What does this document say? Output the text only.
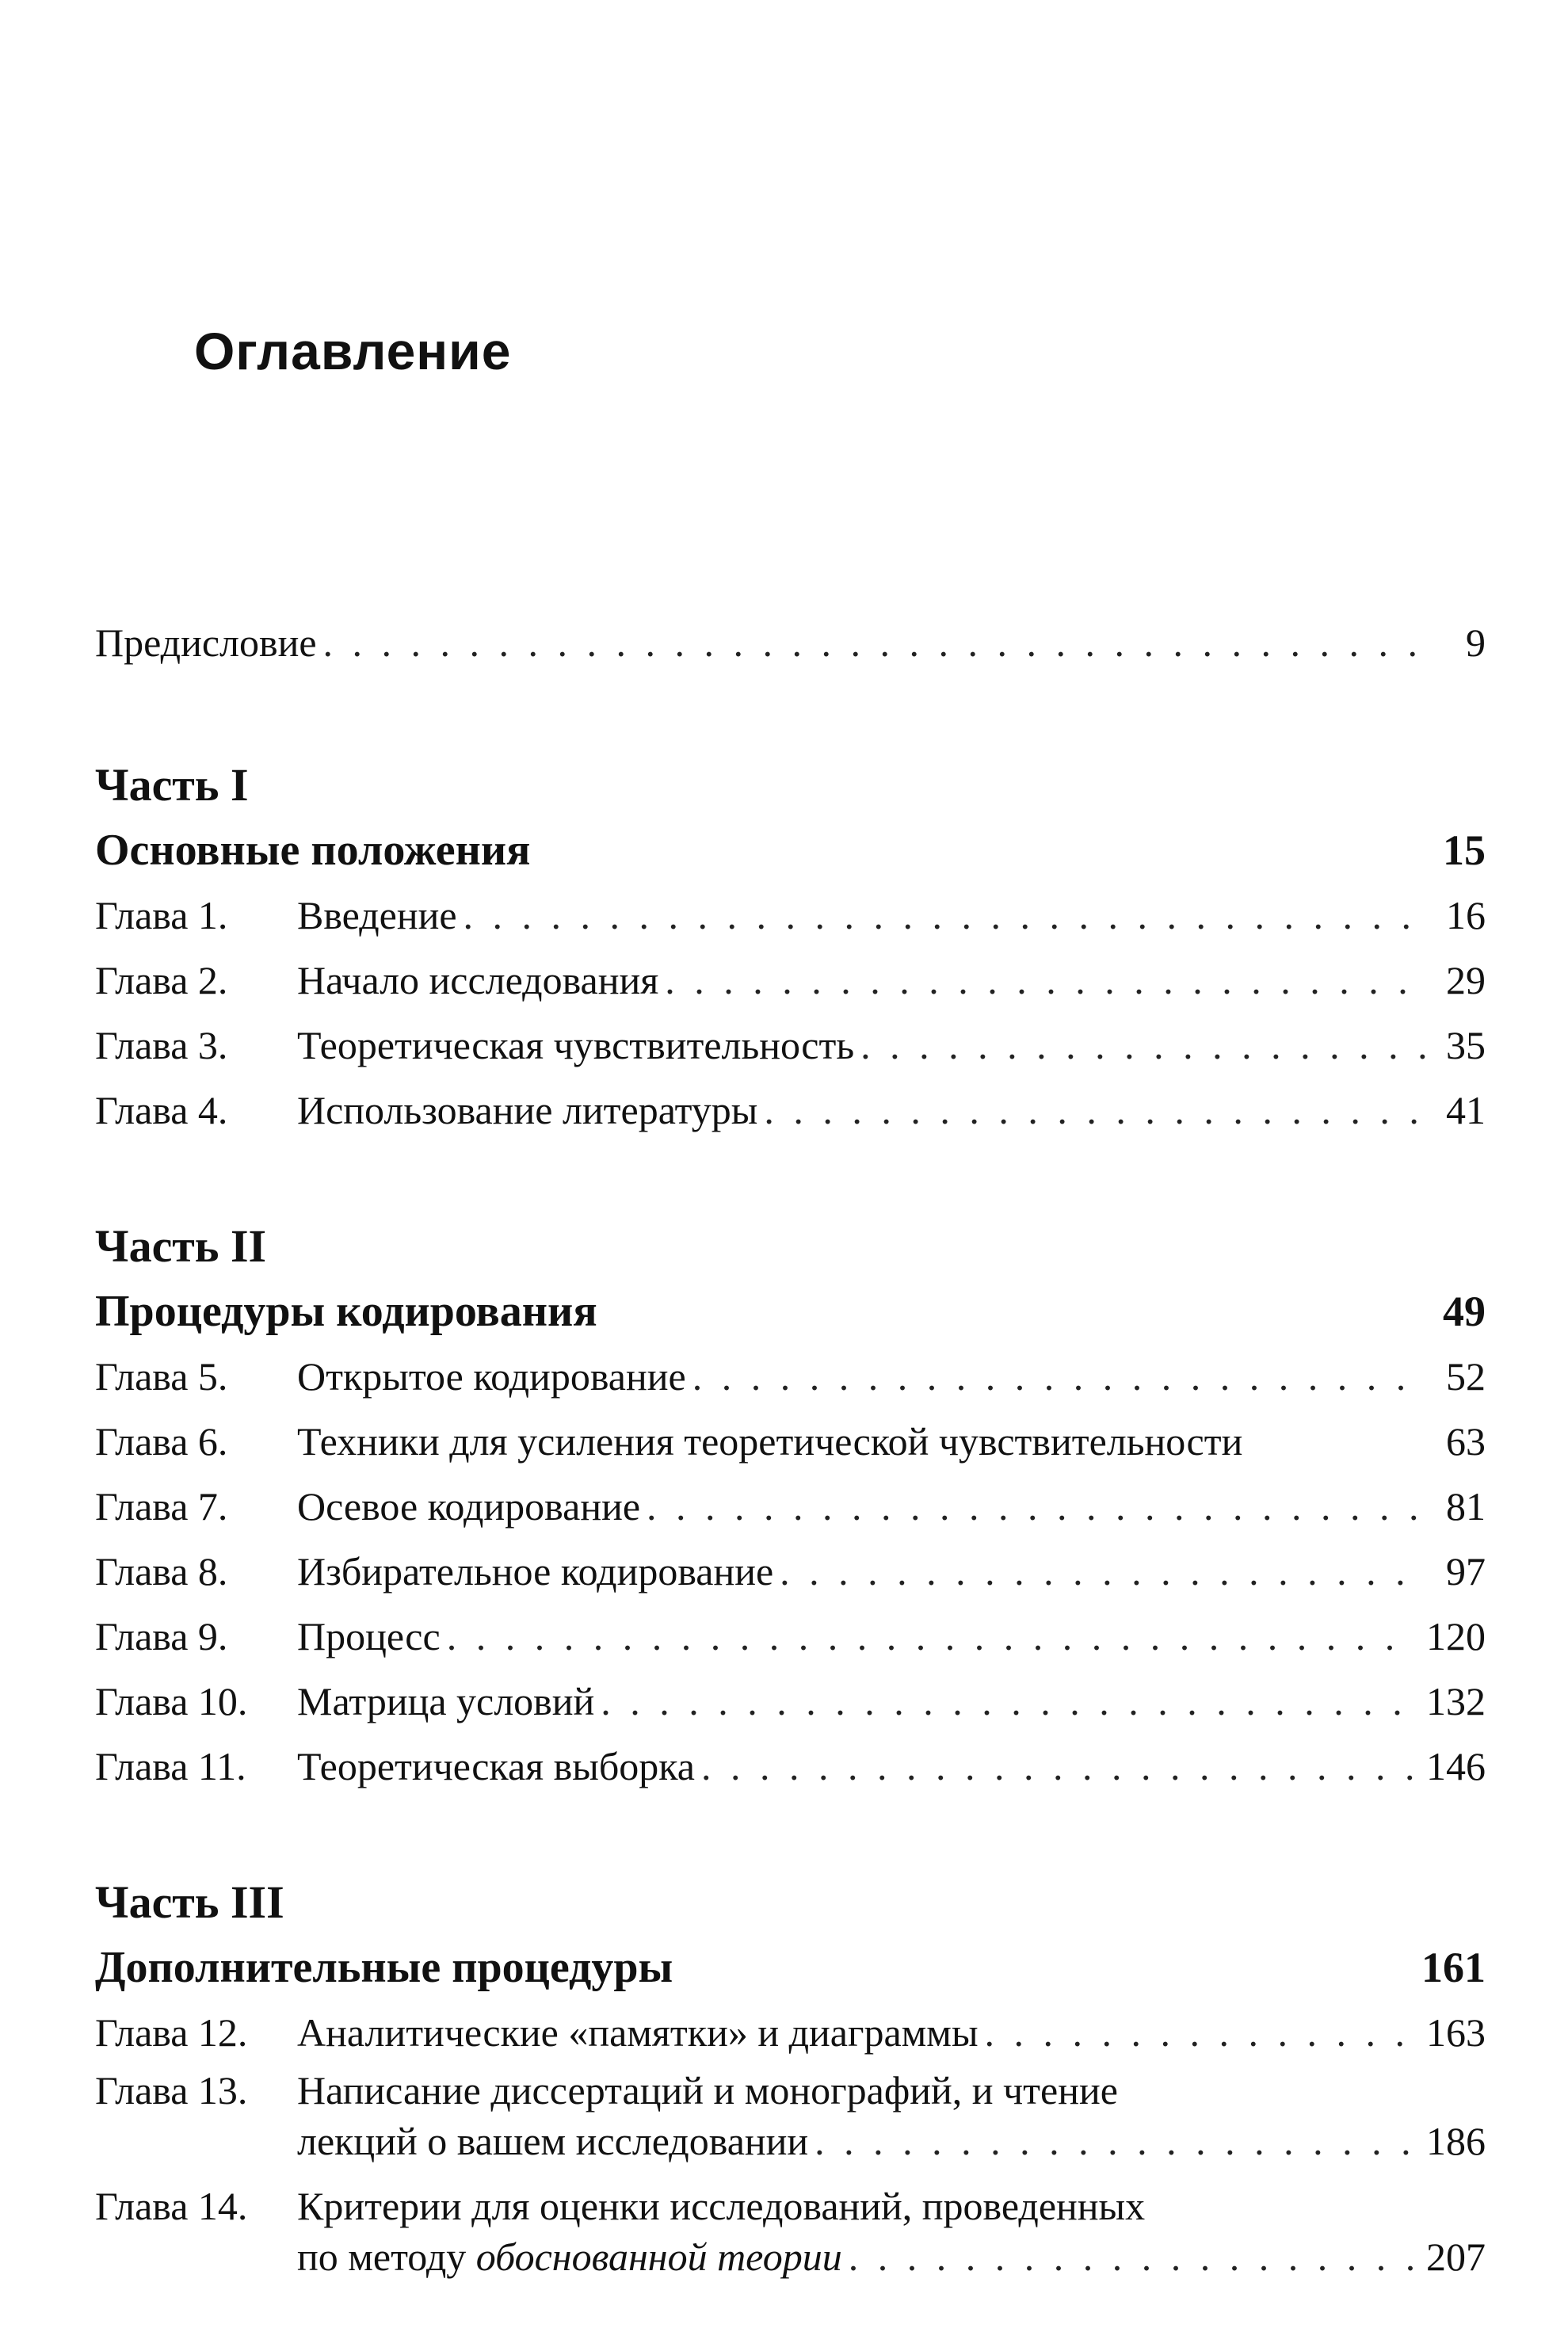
Оглавление
Предисловие . . .	9
Часть I
Основные положения	15
Глава 1.	Введение . . .	16
Глава 2.	Начало исследования . . .	29
Глава 3.	Теоретическая чувствительность . . .	35
Глава 4.	Использование литературы . . .	41
Часть II
Процедуры кодирования	49
Глава 5.	Открытое кодирование . . .	52
Глава 6.	Техники для усиления теоретической чувствительности	63
Глава 7.	Осевое кодирование . . .	81
Глава 8.	Избирательное кодирование . . .	97
Глава 9.	Процесс . . .	120
Глава 10.	Матрица условий . . .	132
Глава 11.	Теоретическая выборка . . .	146
Часть III
Дополнительные процедуры	161
Глава 12.	Аналитические «памятки» и диаграммы . . .	163
Глава 13.	Написание диссертаций и монографий, и чтение
лекций о вашем исследовании . . .	186
Глава 14.	Критерии для оценки исследований, проведенных
по методу обоснованной теории . . .	207
